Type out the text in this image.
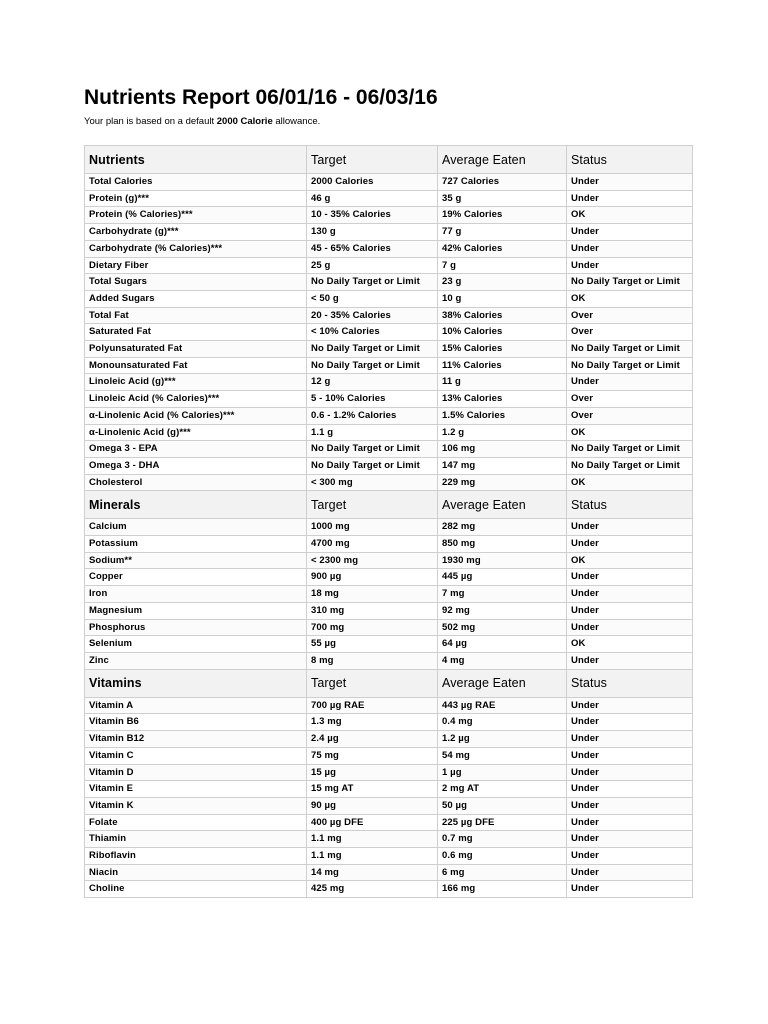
Nutrients Report 06/01/16 - 06/03/16
Your plan is based on a default 2000 Calorie allowance.
Nutrients	Target	Average Eaten	Status
Total Calories	2000 Calories	727 Calories	Under
Protein (g)***	46 g	35 g	Under
Protein (% Calories)***	10 - 35% Calories	19% Calories	OK
Carbohydrate (g)***	130 g	77 g	Under
Carbohydrate (% Calories)***	45 - 65% Calories	42% Calories	Under
Dietary Fiber	25 g	7 g	Under
Total Sugars	No Daily Target or Limit	23 g	No Daily Target or Limit
Added Sugars	< 50 g	10 g	OK
Total Fat	20 - 35% Calories	38% Calories	Over
Saturated Fat	< 10% Calories	10% Calories	Over
Polyunsaturated Fat	No Daily Target or Limit	15% Calories	No Daily Target or Limit
Monounsaturated Fat	No Daily Target or Limit	11% Calories	No Daily Target or Limit
Linoleic Acid (g)***	12 g	11 g	Under
Linoleic Acid (% Calories)***	5 - 10% Calories	13% Calories	Over
α-Linolenic Acid (% Calories)***	0.6 - 1.2% Calories	1.5% Calories	Over
α-Linolenic Acid (g)***	1.1 g	1.2 g	OK
Omega 3 - EPA	No Daily Target or Limit	106 mg	No Daily Target or Limit
Omega 3 - DHA	No Daily Target or Limit	147 mg	No Daily Target or Limit
Cholesterol	< 300 mg	229 mg	OK
Minerals	Target	Average Eaten	Status
Calcium	1000 mg	282 mg	Under
Potassium	4700 mg	850 mg	Under
Sodium**	< 2300 mg	1930 mg	OK
Copper	900 µg	445 µg	Under
Iron	18 mg	7 mg	Under
Magnesium	310 mg	92 mg	Under
Phosphorus	700 mg	502 mg	Under
Selenium	55 µg	64 µg	OK
Zinc	8 mg	4 mg	Under
Vitamins	Target	Average Eaten	Status
Vitamin A	700 µg RAE	443 µg RAE	Under
Vitamin B6	1.3 mg	0.4 mg	Under
Vitamin B12	2.4 µg	1.2 µg	Under
Vitamin C	75 mg	54 mg	Under
Vitamin D	15 µg	1 µg	Under
Vitamin E	15 mg AT	2 mg AT	Under
Vitamin K	90 µg	50 µg	Under
Folate	400 µg DFE	225 µg DFE	Under
Thiamin	1.1 mg	0.7 mg	Under
Riboflavin	1.1 mg	0.6 mg	Under
Niacin	14 mg	6 mg	Under
Choline	425 mg	166 mg	Under
